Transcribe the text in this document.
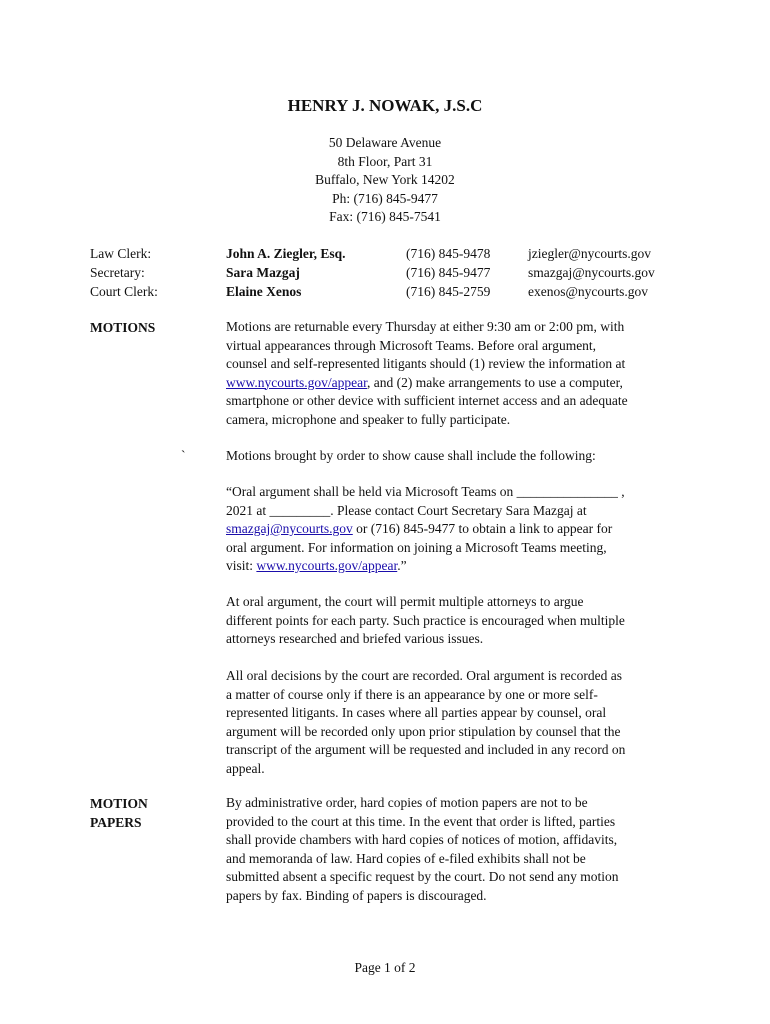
HENRY J. NOWAK, J.S.C
50 Delaware Avenue
8th Floor, Part 31
Buffalo, New York 14202
Ph: (716) 845-9477
Fax: (716) 845-7541
Law Clerk:	John A. Ziegler, Esq.	(716) 845-9478	jziegler@nycourts.gov
Secretary:	Sara Mazgaj	(716) 845-9477	smazgaj@nycourts.gov
Court Clerk:	Elaine Xenos	(716) 845-2759	exenos@nycourts.gov
MOTIONS	Motions are returnable every Thursday at either 9:30 am or 2:00 pm, with
virtual appearances through Microsoft Teams. Before oral argument,
counsel and self-represented litigants should (1) review the information at
www.nycourts.gov/appear, and (2) make arrangements to use a computer,
smartphone or other device with sufficient internet access and an adequate
camera, microphone and speaker to fully participate.
`	Motions brought by order to show cause shall include the following:
“Oral argument shall be held via Microsoft Teams on _______________ ,
2021 at _________. Please contact Court Secretary Sara Mazgaj at
smazgaj@nycourts.gov or (716) 845-9477 to obtain a link to appear for
oral argument. For information on joining a Microsoft Teams meeting,
visit: www.nycourts.gov/appear.”
At oral argument, the court will permit multiple attorneys to argue
different points for each party. Such practice is encouraged when multiple
attorneys researched and briefed various issues.
All oral decisions by the court are recorded. Oral argument is recorded as
a matter of course only if there is an appearance by one or more self-
represented litigants. In cases where all parties appear by counsel, oral
argument will be recorded only upon prior stipulation by counsel that the
transcript of the argument will be requested and included in any record on
appeal.
MOTION
PAPERS
By administrative order, hard copies of motion papers are not to be
provided to the court at this time. In the event that order is lifted, parties
shall provide chambers with hard copies of notices of motion, affidavits,
and memoranda of law. Hard copies of e-filed exhibits shall not be
submitted absent a specific request by the court. Do not send any motion
papers by fax. Binding of papers is discouraged.
Page 1 of 2
